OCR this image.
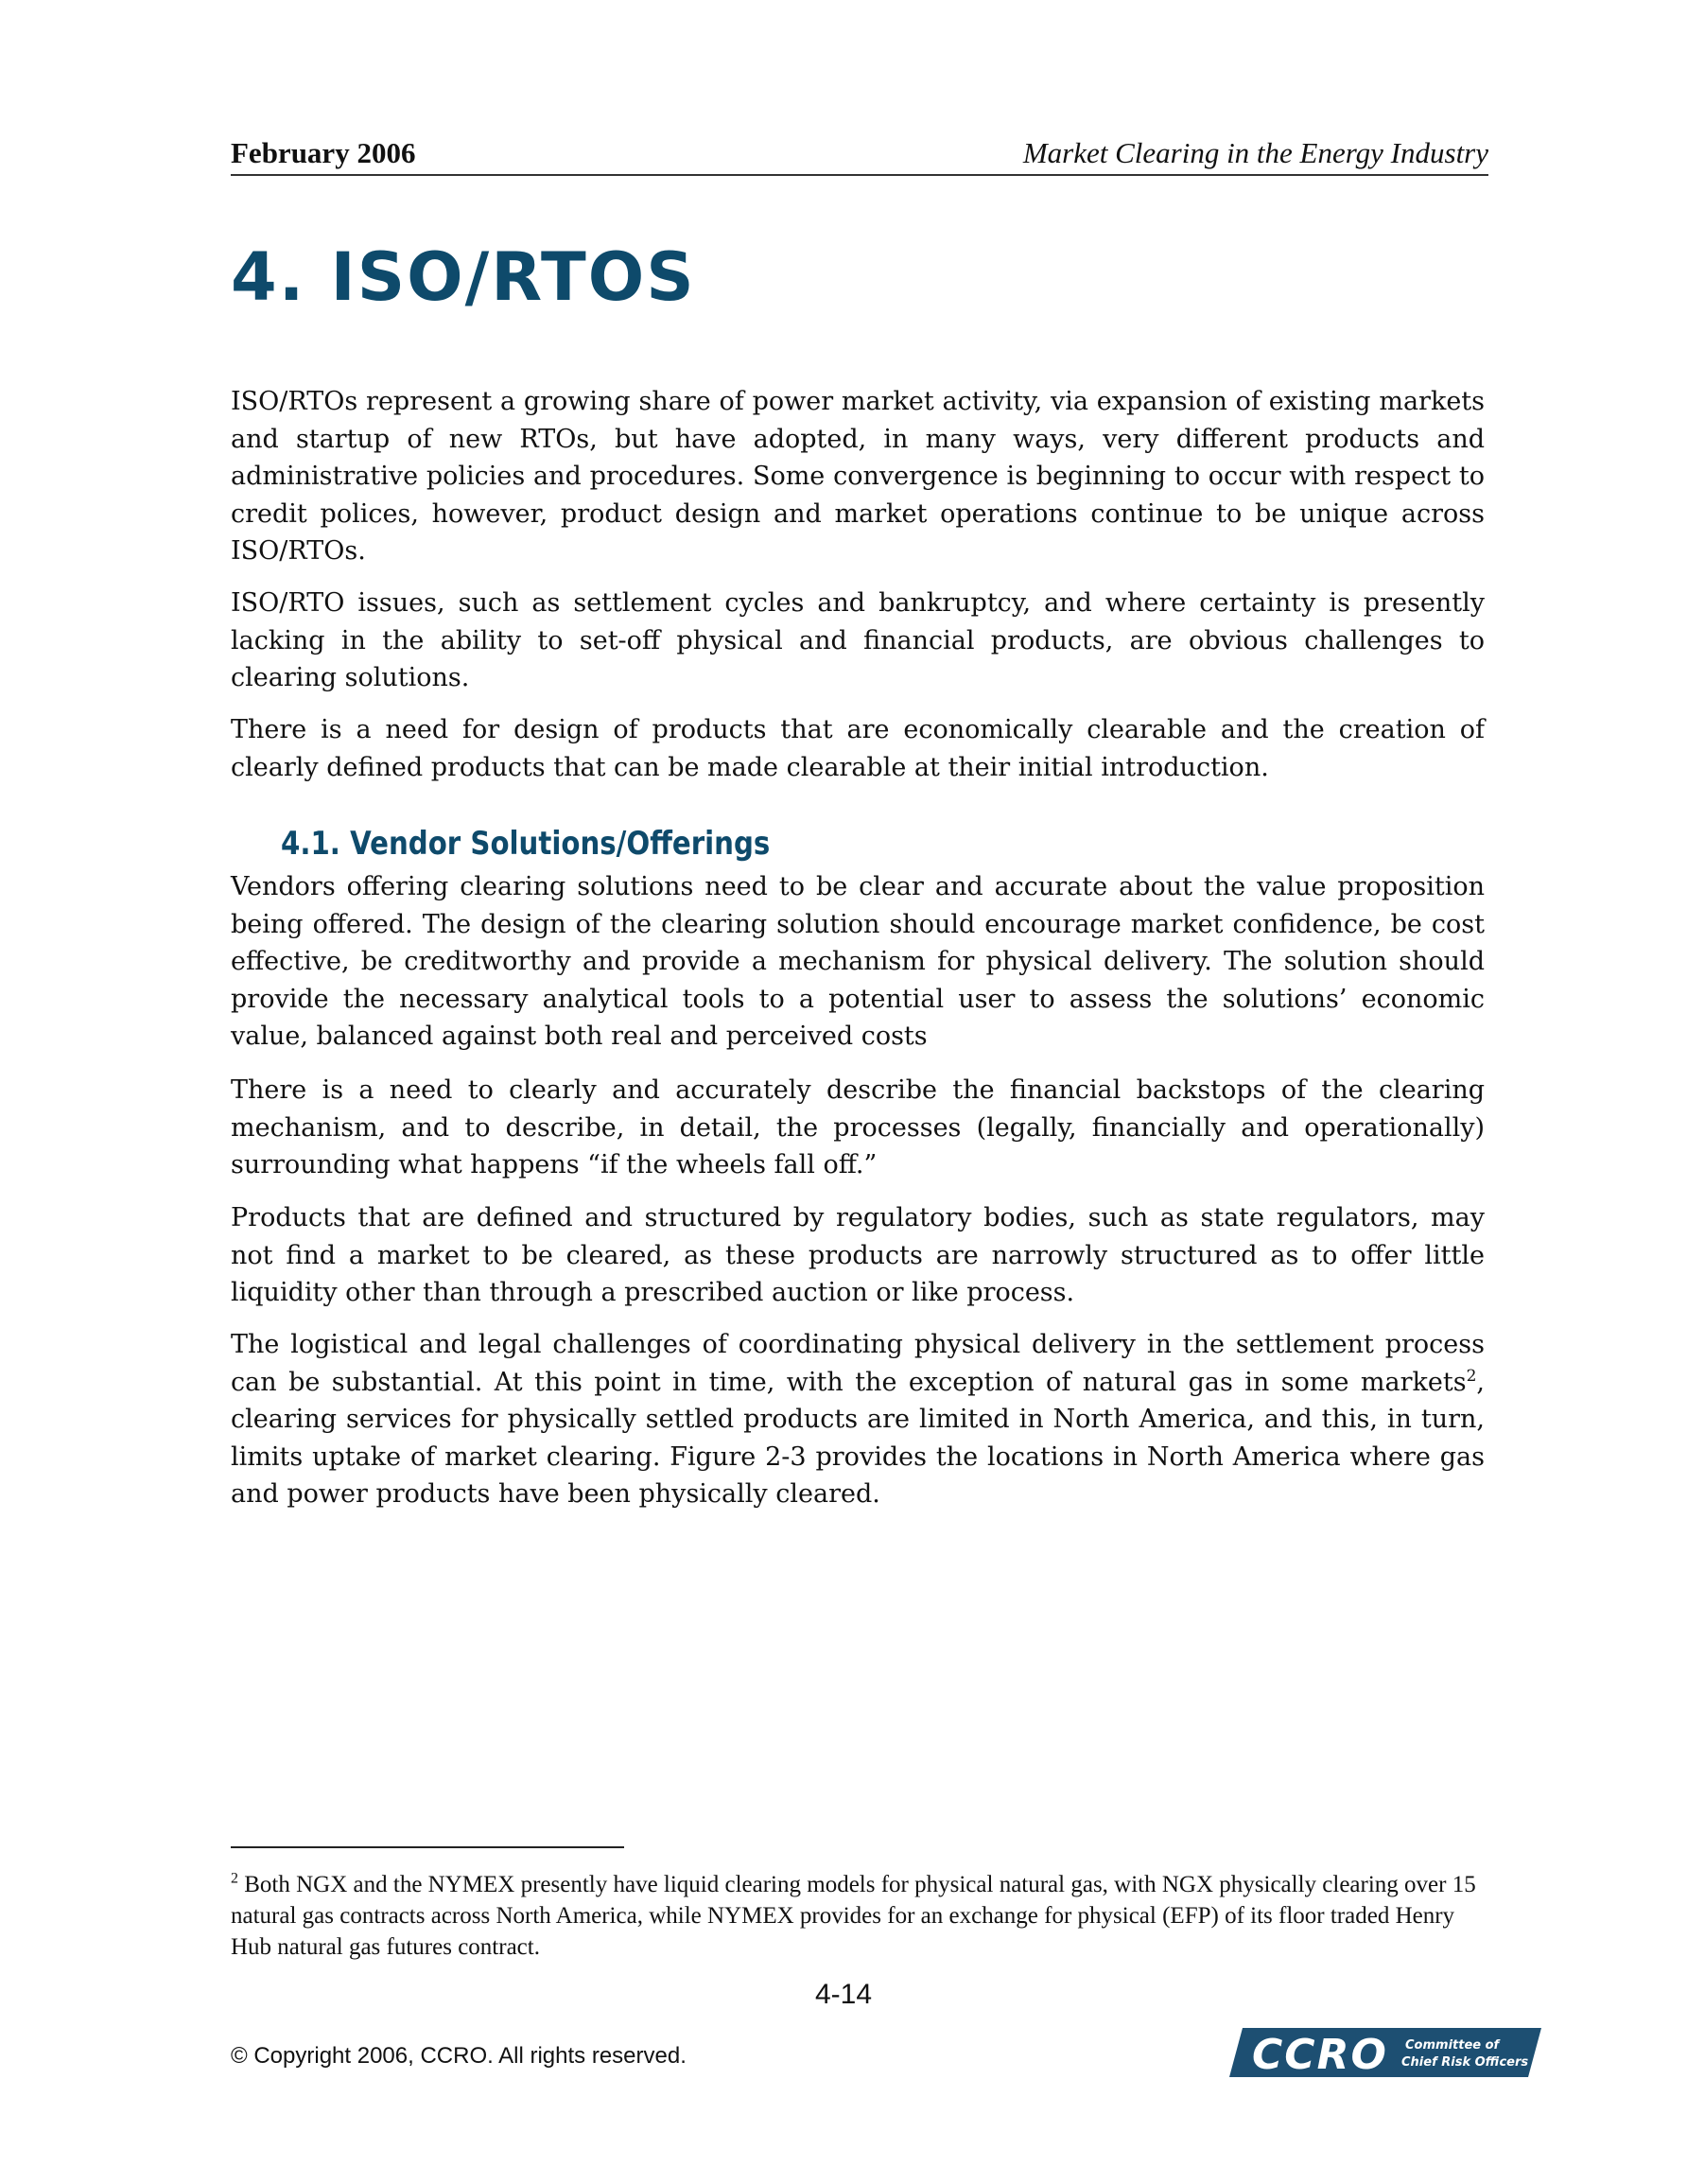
February 2006	Market Clearing in the Energy Industry
4. ISO/RTOS

ISO/RTOs represent a growing share of power market activity, via expansion of existing markets and startup of new RTOs, but have adopted, in many ways, very different products and administrative policies and procedures. Some convergence is beginning to occur with respect to credit polices, however, product design and market operations continue to be unique across ISO/RTOs.

ISO/RTO issues, such as settlement cycles and bankruptcy, and where certainty is presently lacking in the ability to set-off physical and financial products, are obvious challenges to clearing solutions.

There is a need for design of products that are economically clearable and the creation of clearly defined products that can be made clearable at their initial introduction.

4.1. Vendor Solutions/Offerings

Vendors offering clearing solutions need to be clear and accurate about the value proposition being offered. The design of the clearing solution should encourage market confidence, be cost effective, be creditworthy and provide a mechanism for physical delivery. The solution should provide the necessary analytical tools to a potential user to assess the solutions’ economic value, balanced against both real and perceived costs

There is a need to clearly and accurately describe the financial backstops of the clearing mechanism, and to describe, in detail, the processes (legally, financially and operationally) surrounding what happens “if the wheels fall off.”

Products that are defined and structured by regulatory bodies, such as state regulators, may not find a market to be cleared, as these products are narrowly structured as to offer little liquidity other than through a prescribed auction or like process.

The logistical and legal challenges of coordinating physical delivery in the settlement process can be substantial. At this point in time, with the exception of natural gas in some markets$^2$, clearing services for physically settled products are limited in North America, and this, in turn, limits uptake of market clearing. Figure 2-3 provides the locations in North America where gas and power products have been physically cleared.

$^2$ Both NGX and the NYMEX presently have liquid clearing models for physical natural gas, with NGX physically clearing over 15 natural gas contracts across North America, while NYMEX provides for an exchange for physical (EFP) of its floor traded Henry Hub natural gas futures contract.

4-14
© Copyright 2006, CCRO. All rights reserved.	CCRO Committee of
Chief Risk Officers
